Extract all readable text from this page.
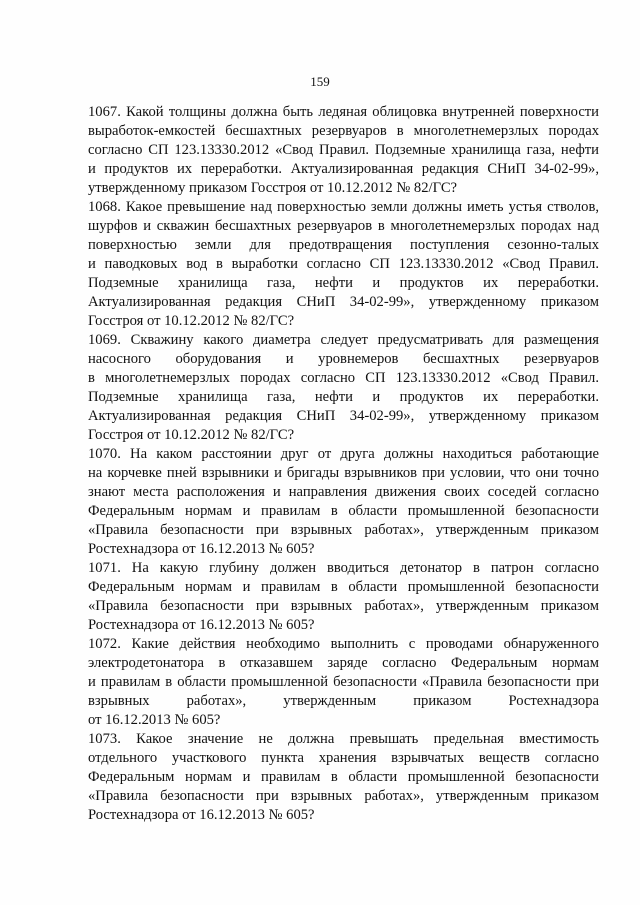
159

1067. Какой толщины должна быть ледяная облицовка внутренней поверхности
выработок-емкостей бесшахтных резервуаров в многолетнемерзлых породах
согласно СП 123.13330.2012 «Свод Правил. Подземные хранилища газа, нефти
и продуктов их переработки. Актуализированная редакция СНиП 34-02-99»,
утвержденному приказом Госстроя от 10.12.2012 № 82/ГС?

1068. Какое превышение над поверхностью земли должны иметь устья стволов,
шурфов и скважин бесшахтных резервуаров в многолетнемерзлых породах над
поверхностью земли для предотвращения поступления сезонно-талых
и паводковых вод в выработки согласно СП 123.13330.2012 «Свод Правил.
Подземные хранилища газа, нефти и продуктов их переработки.
Актуализированная редакция СНиП 34-02-99», утвержденному приказом
Госстроя от 10.12.2012 № 82/ГС?

1069. Скважину какого диаметра следует предусматривать для размещения
насосного оборудования и уровнемеров бесшахтных резервуаров
в многолетнемерзлых породах согласно СП 123.13330.2012 «Свод Правил.
Подземные хранилища газа, нефти и продуктов их переработки.
Актуализированная редакция СНиП 34-02-99», утвержденному приказом
Госстроя от 10.12.2012 № 82/ГС?

1070. На каком расстоянии друг от друга должны находиться работающие
на корчевке пней взрывники и бригады взрывников при условии, что они точно
знают места расположения и направления движения своих соседей согласно
Федеральным нормам и правилам в области промышленной безопасности
«Правила безопасности при взрывных работах», утвержденным приказом
Ростехнадзора от 16.12.2013 № 605?

1071. На какую глубину должен вводиться детонатор в патрон согласно
Федеральным нормам и правилам в области промышленной безопасности
«Правила безопасности при взрывных работах», утвержденным приказом
Ростехнадзора от 16.12.2013 № 605?

1072. Какие действия необходимо выполнить с проводами обнаруженного
электродетонатора в отказавшем заряде согласно Федеральным нормам
и правилам в области промышленной безопасности «Правила безопасности при
взрывных работах», утвержденным приказом Ростехнадзора
от 16.12.2013 № 605?

1073. Какое значение не должна превышать предельная вместимость
отдельного участкового пункта хранения взрывчатых веществ согласно
Федеральным нормам и правилам в области промышленной безопасности
«Правила безопасности при взрывных работах», утвержденным приказом
Ростехнадзора от 16.12.2013 № 605?
